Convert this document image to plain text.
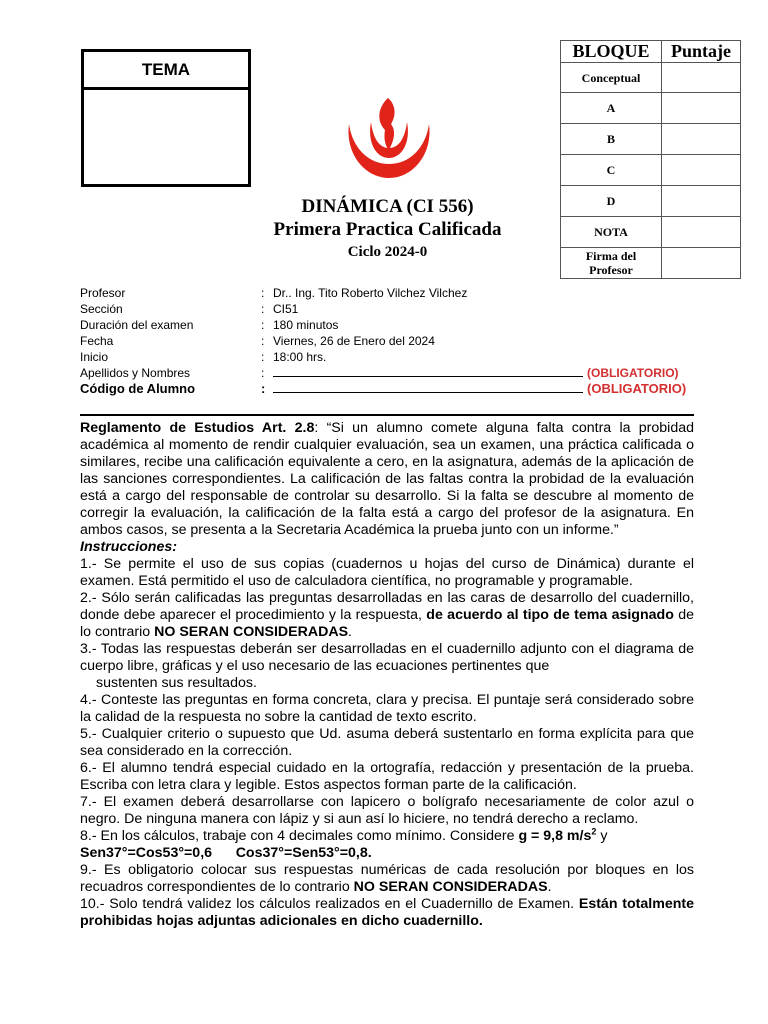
TEMA
DINÁMICA (CI 556)
Primera Practica Calificada
Ciclo 2024-0
BLOQUE	Puntaje
Conceptual	
A	
B	
C	
D	
NOTA	
Firma del
Profesor	
Profesor	: Dr.. Ing. Tito Roberto Vilchez Vilchez
Sección	: CI51
Duración del examen	: 180 minutos
Fecha	: Viernes, 26 de Enero del 2024
Inicio	: 18:00 hrs.
Apellidos y Nombres	:	(OBLIGATORIO)
Código de Alumno	:	(OBLIGATORIO)

Reglamento de Estudios Art. 2.8: “Si un alumno comete alguna falta contra la probidad académica al momento de rendir cualquier evaluación, sea un examen, una práctica calificada o similares, recibe una calificación equivalente a cero, en la asignatura, además de la aplicación de las sanciones correspondientes. La calificación de las faltas contra la probidad de la evaluación está a cargo del responsable de controlar su desarrollo. Si la falta se descubre al momento de corregir la evaluación, la calificación de la falta está a cargo del profesor de la asignatura. En ambos casos, se presenta a la Secretaria Académica la prueba junto con un informe.”

Instrucciones:

1.- Se permite el uso de sus copias (cuadernos u hojas del curso de Dinámica) durante el examen. Está permitido el uso de calculadora científica, no programable y programable.

2.- Sólo serán calificadas las preguntas desarrolladas en las caras de desarrollo del cuadernillo, donde debe aparecer el procedimiento y la respuesta, de acuerdo al tipo de tema asignado de lo contrario NO SERAN CONSIDERADAS.

3.- Todas las respuestas deberán ser desarrolladas en el cuadernillo adjunto con el diagrama de cuerpo libre, gráficas y el uso necesario de las ecuaciones pertinentes que

sustenten sus resultados.

4.- Conteste las preguntas en forma concreta, clara y precisa. El puntaje será considerado sobre la calidad de la respuesta no sobre la cantidad de texto escrito.

5.- Cualquier criterio o supuesto que Ud. asuma deberá sustentarlo en forma explícita para que sea considerado en la corrección.

6.- El alumno tendrá especial cuidado en la ortografía, redacción y presentación de la prueba. Escriba con letra clara y legible. Estos aspectos forman parte de la calificación.

7.- El examen deberá desarrollarse con lapicero o bolígrafo necesariamente de color azul o negro. De ninguna manera con lápiz y si aun así lo hiciere, no tendrá derecho a reclamo.

8.- En los cálculos, trabaje con 4 decimales como mínimo. Considere g = 9,8 $m/s^2$ y
Sen37°=Cos53°=0,6 Cos37°=Sen53°=0,8.

9.- Es obligatorio colocar sus respuestas numéricas de cada resolución por bloques en los recuadros correspondientes de lo contrario NO SERAN CONSIDERADAS.

10.- Solo tendrá validez los cálculos realizados en el Cuadernillo de Examen. Están totalmente prohibidas hojas adjuntas adicionales en dicho cuadernillo.
